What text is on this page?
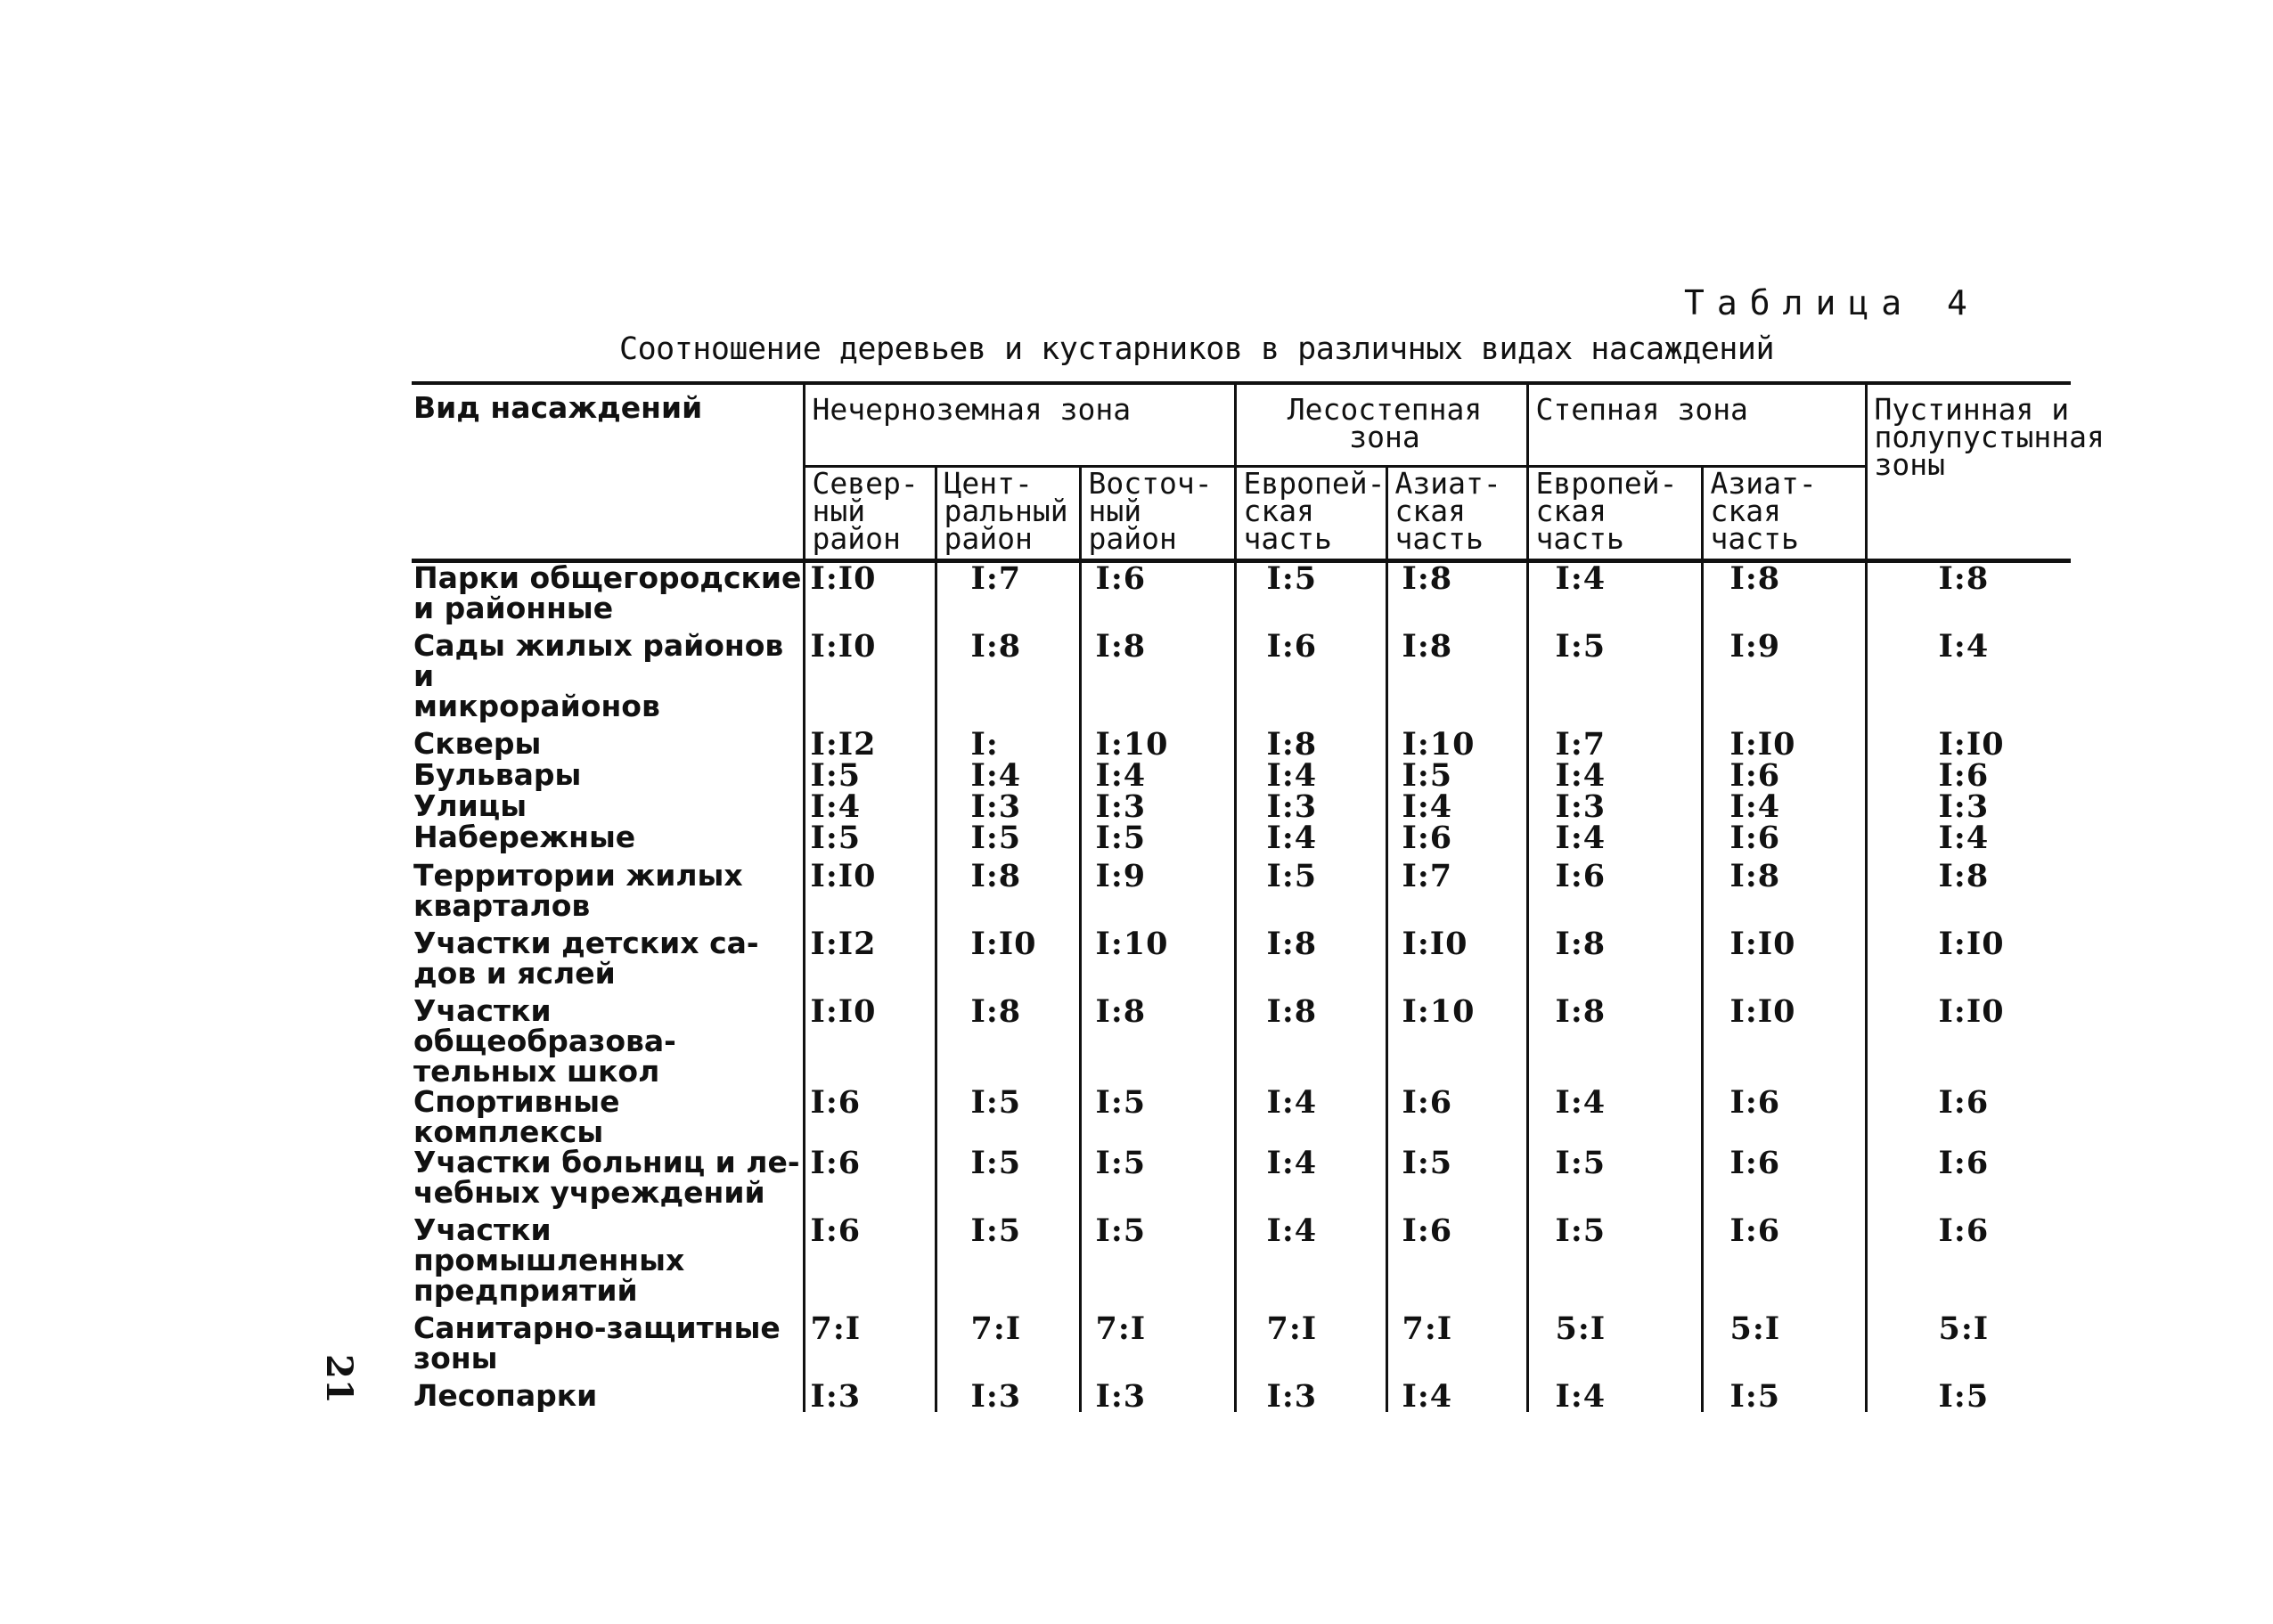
Таблица 4
Соотношение деревьев и кустарников в различных видах насаждений
Вид насаждений	Нечерноземная зона			Лесостепная зона		Степная зона		Пустинная и полупустынная зоны
	Север-
ный
район	Цент-
ральный
район	Восточ-
ный
район	Европей-
ская
часть	Азиат-
ская
часть	Европей-
ская
часть	Азиат-
ская
часть	
Парки общегородские
и районные	I:I0	I:7	I:6	I:5	I:8	I:4	I:8	I:8
Сады жилых районов и
микрорайонов	I:I0	I:8	I:8	I:6	I:8	I:5	I:9	I:4
Скверы	I:I2	I:	I:10	I:8	I:10	I:7	I:I0	I:I0
Бульвары	I:5	I:4	I:4	I:4	I:5	I:4	I:6	I:6
Улицы	I:4	I:3	I:3	I:3	I:4	I:3	I:4	I:3
Набережные	I:5	I:5	I:5	I:4	I:6	I:4	I:6	I:4
Территории жилых
кварталов	I:I0	I:8	I:9	I:5	I:7	I:6	I:8	I:8
Участки детских са-
дов и яслей	I:I2	I:I0	I:10	I:8	I:I0	I:8	I:I0	I:I0
Участки общеобразова-
тельных школ	I:I0	I:8	I:8	I:8	I:10	I:8	I:I0	I:I0
Спортивные комплексы	I:6	I:5	I:5	I:4	I:6	I:4	I:6	I:6
Участки больниц и ле-
чебных учреждений	I:6	I:5	I:5	I:4	I:5	I:5	I:6	I:6
Участки промышленных
предприятий	I:6	I:5	I:5	I:4	I:6	I:5	I:6	I:6
Санитарно-защитные
зоны	7:I	7:I	7:I	7:I	7:I	5:I	5:I	5:I
Лесопарки	I:3	I:3	I:3	I:3	I:4	I:4	I:5	I:5
21
